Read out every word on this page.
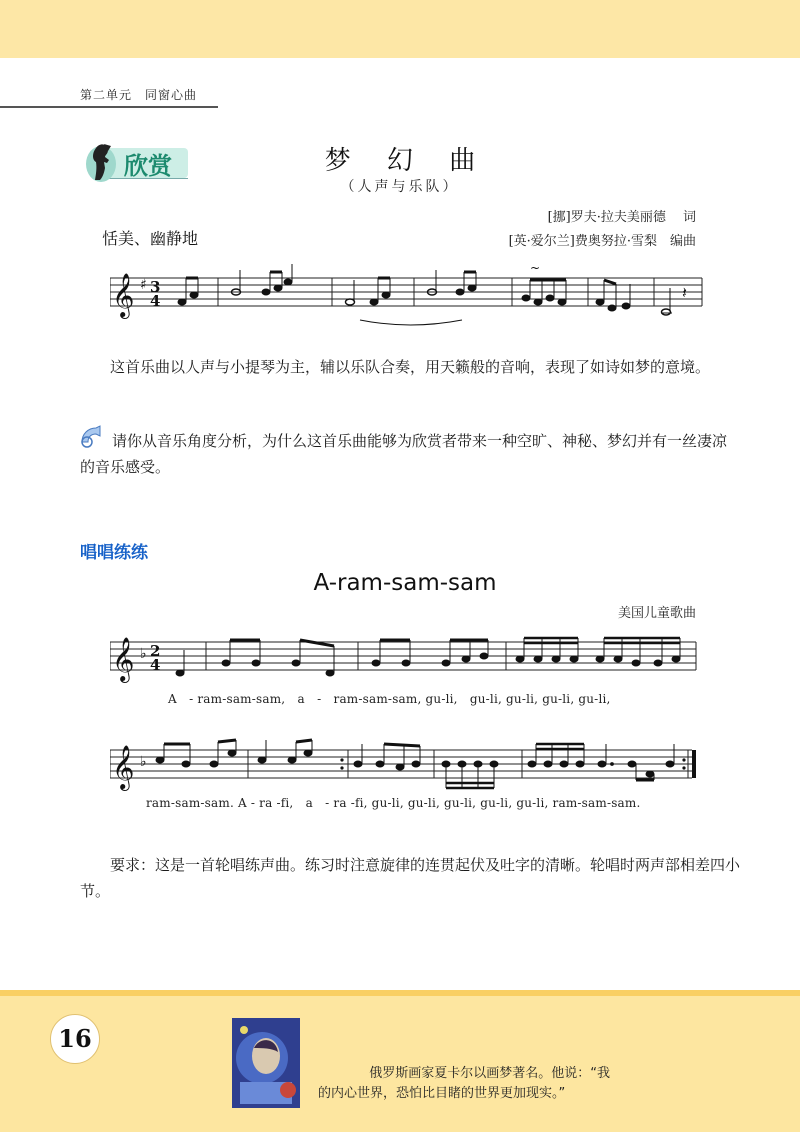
第二单元　同窗心曲
欣赏	梦 幻 曲
（人声与乐队）
[挪]罗夫·拉夫美丽德　 词
[英·爱尔兰]费奥努拉·雪梨　编曲
恬美、幽静地
𝄞 ♯ 3
4
~
𝄽
这首乐曲以人声与小提琴为主，辅以乐队合奏，用天籁般的音响，表现了如诗如梦的意境。
请你从音乐角度分析，为什么这首乐曲能够为欣赏者带来一种空旷、神秘、梦幻并有一丝凄凉的音乐感受。
唱唱练练
A-ram-sam-sam
美国儿童歌曲
𝄞 ♭ 2
4
A　- ram-sam-sam,　a　-　ram-sam-sam, gu-li,　gu-li, gu-li, gu-li, gu-li,
𝄞 ♭
ram-sam-sam. A - ra -fi,　a　- ra -fi, gu-li, gu-li, gu-li, gu-li, gu-li, ram-sam-sam.
要求：这是一首轮唱练声曲。练习时注意旋律的连贯起伏及吐字的清晰。轮唱时两声部相差四小节。
16
俄罗斯画家夏卡尔以画梦著名。他说：“我
的内心世界，恐怕比目睹的世界更加现实。”
